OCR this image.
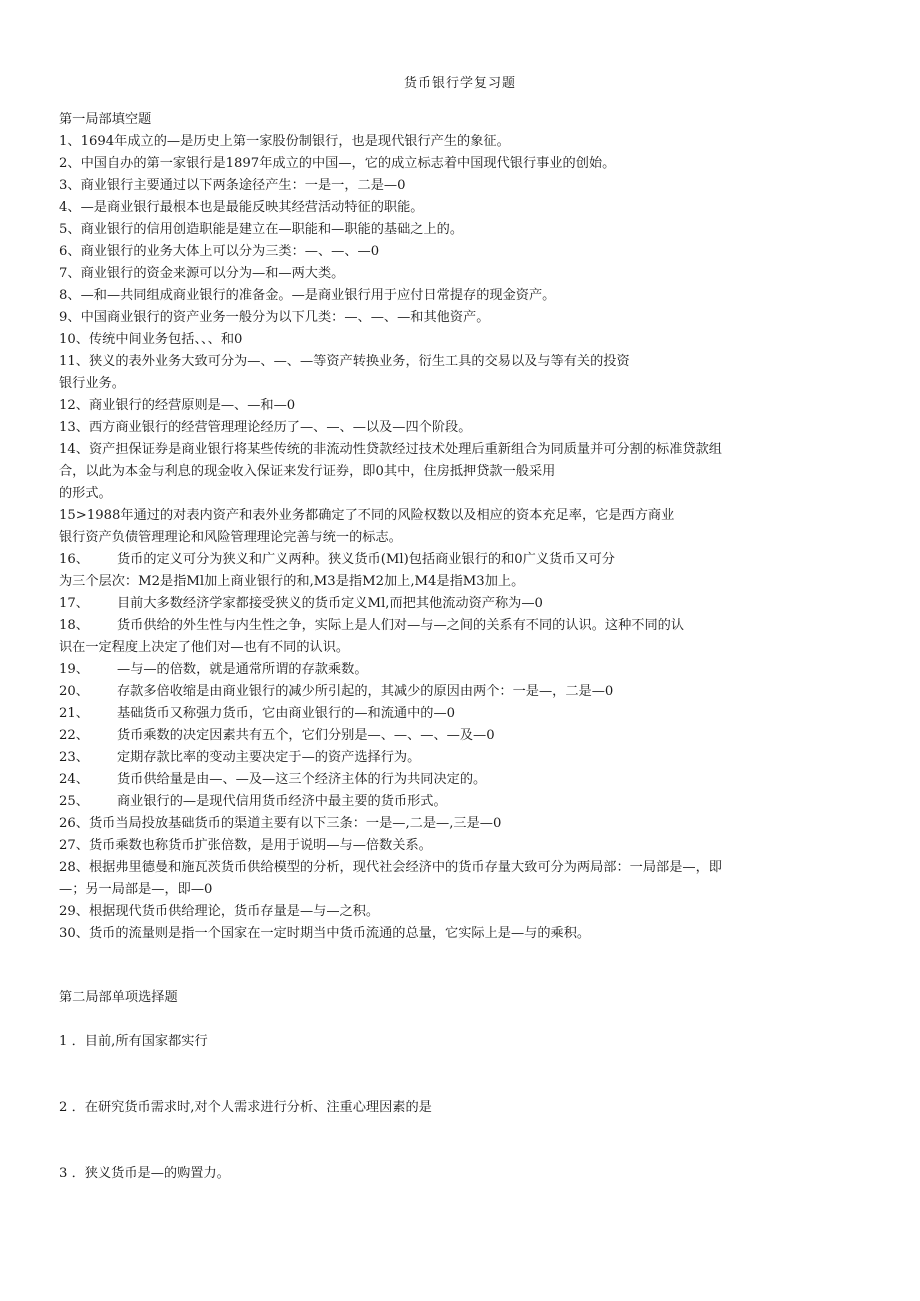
货币银行学复习题
第一局部填空题
1、1694年成立的—是历史上第一家股份制银行，也是现代银行产生的象征。
2、中国自办的第一家银行是1897年成立的中国—，它的成立标志着中国现代银行事业的创始。
3、商业银行主要通过以下两条途径产生：一是一，二是—0
4、—是商业银行最根本也是最能反映其经营活动特征的职能。
5、商业银行的信用创造职能是建立在—职能和—职能的基础之上的。
6、商业银行的业务大体上可以分为三类：—、—、—0
7、商业银行的资金来源可以分为—和—两大类。
8、—和—共同组成商业银行的准备金。—是商业银行用于应付日常提存的现金资产。
9、中国商业银行的资产业务一般分为以下几类：—、—、—和其他资产。
10、传统中间业务包括、、、和0
11、狭义的表外业务大致可分为—、—、—等资产转换业务，衍生工具的交易以及与等有关的投资
银行业务。
12、商业银行的经营原则是—、—和—0
13、西方商业银行的经营管理理论经历了—、—、—以及—四个阶段。
14、资产担保证券是商业银行将某些传统的非流动性贷款经过技术处理后重新组合为同质量并可分割的标准贷款组
合，以此为本金与利息的现金收入保证来发行证券，即0其中，住房抵押贷款一般采用
的形式。
15>1988年通过的对表内资产和表外业务都确定了不同的风险权数以及相应的资本充足率，它是西方商业
银行资产负债管理理论和风险管理理论完善与统一的标志。
16、 货币的定义可分为狭义和广义两种。狭义货币(Ml)包括商业银行的和0广义货币又可分
为三个层次：M2是指Ml加上商业银行的和,M3是指M2加上,M4是指M3加上。
17、 目前大多数经济学家都接受狭义的货币定义Ml,而把其他流动资产称为—0
18、 货币供给的外生性与内生性之争，实际上是人们对—与—之间的关系有不同的认识。这种不同的认
识在一定程度上决定了他们对—也有不同的认识。
19、 —与—的倍数，就是通常所谓的存款乘数。
20、 存款多倍收缩是由商业银行的减少所引起的，其减少的原因由两个：一是—，二是—0
21、 基础货币又称强力货币，它由商业银行的—和流通中的—0
22、 货币乘数的决定因素共有五个，它们分别是—、—、—、—及—0
23、 定期存款比率的变动主要决定于—的资产选择行为。
24、 货币供给量是由—、—及—这三个经济主体的行为共同决定的。
25、 商业银行的—是现代信用货币经济中最主要的货币形式。
26、货币当局投放基础货币的渠道主要有以下三条：一是—,二是—,三是—0
27、货币乘数也称货币扩张倍数，是用于说明—与—倍数关系。
28、根据弗里德曼和施瓦茨货币供给模型的分析，现代社会经济中的货币存量大致可分为两局部：一局部是—，即
—；另一局部是—，即—0
29、根据现代货币供给理论，货币存量是—与—之积。
30、货币的流量则是指一个国家在一定时期当中货币流通的总量，它实际上是—与的乘积。
第二局部单项选择题
1 ．目前,所有国家都实行
2 ．在研究货币需求时,对个人需求进行分析、注重心理因素的是
3 ．狭义货币是—的购置力。
